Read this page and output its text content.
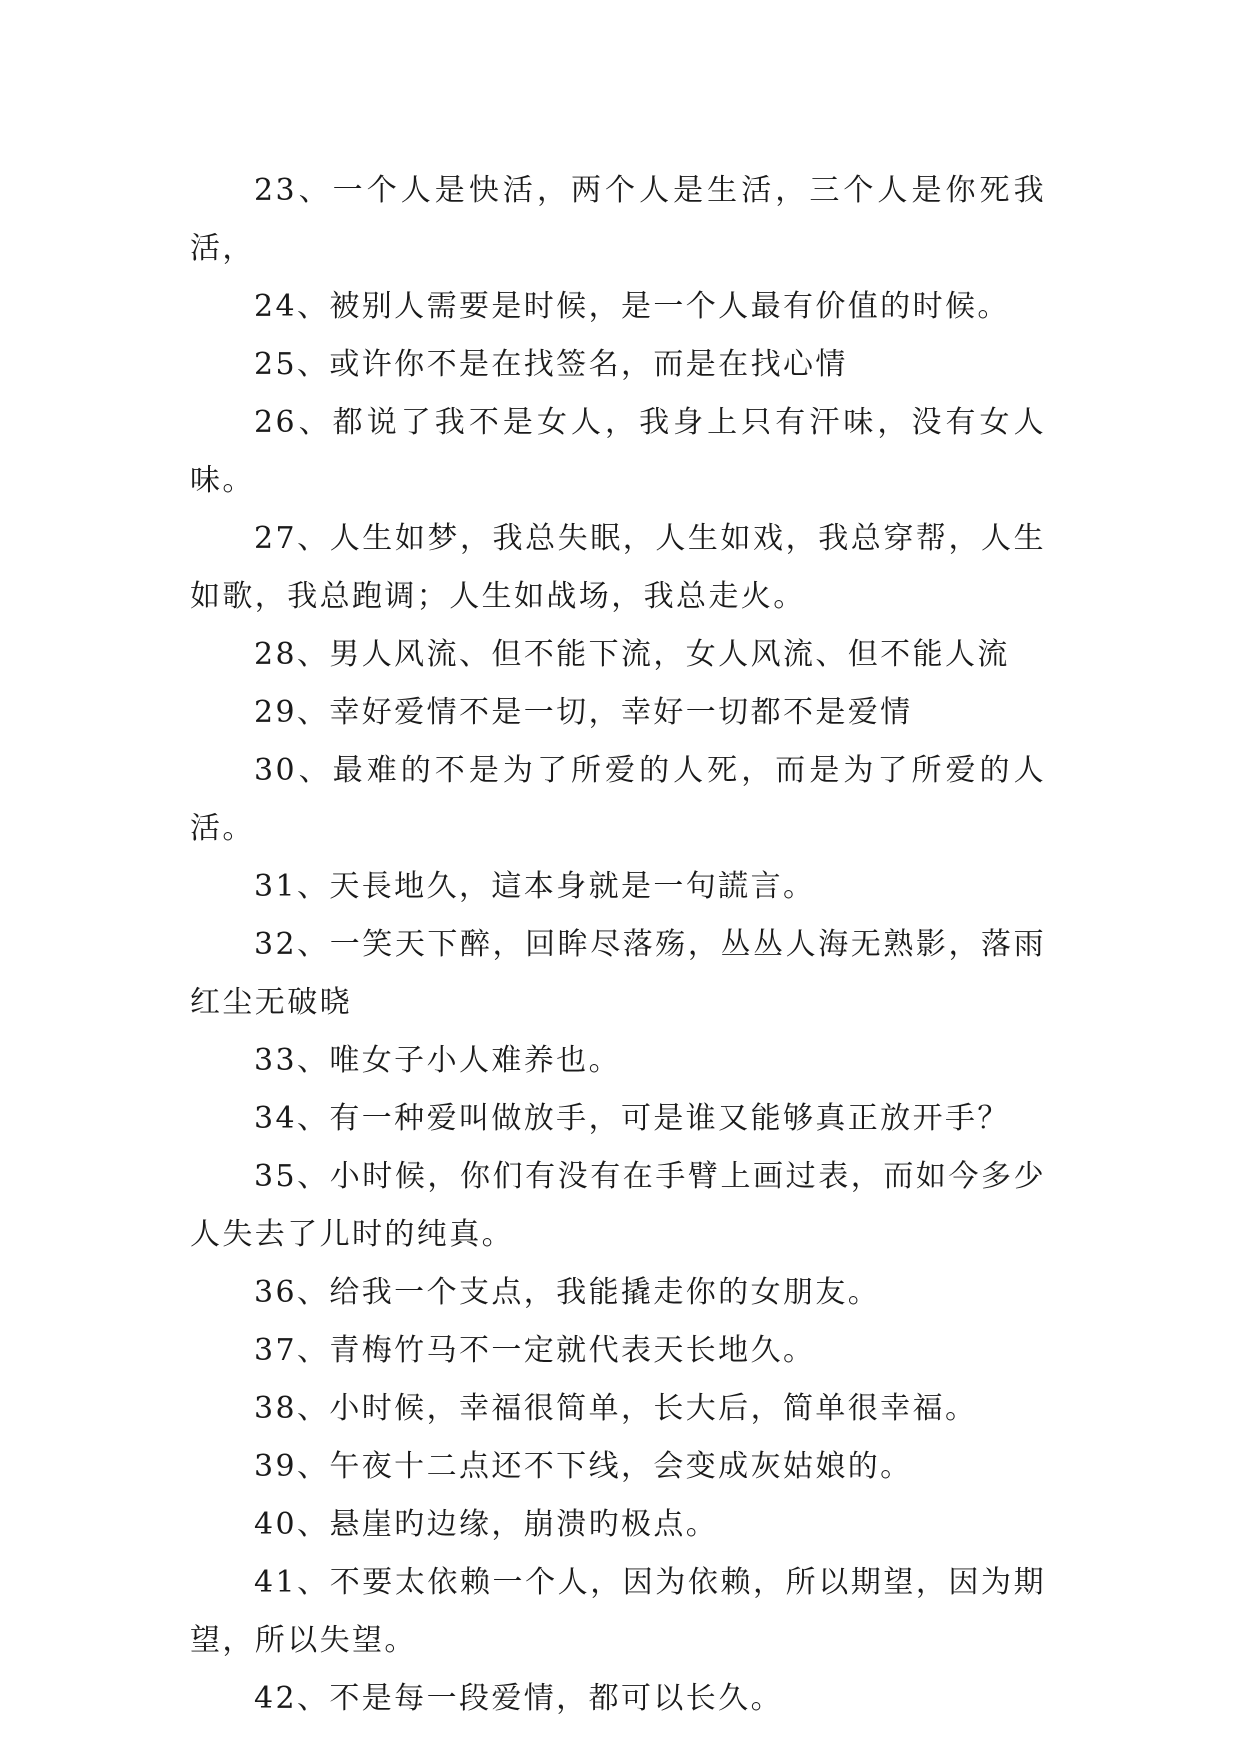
23、一个人是快活，两个人是生活，三个人是你死我活，

24、被别人需要是时候，是一个人最有价值的时候。

25、或许你不是在找签名，而是在找心情

26、都说了我不是女人，我身上只有汗味，没有女人味。

27、人生如梦，我总失眠，人生如戏，我总穿帮，人生如歌，我总跑调；人生如战场，我总走火。

28、男人风流、但不能下流，女人风流、但不能人流

29、幸好爱情不是一切，幸好一切都不是爱情

30、最难的不是为了所爱的人死，而是为了所爱的人活。

31、天長地久，這本身就是一句謊言。

32、一笑天下醉，回眸尽落殇，丛丛人海无熟影，落雨红尘无破晓

33、唯女子小人难养也。

34、有一种爱叫做放手，可是谁又能够真正放开手？

35、小时候，你们有没有在手臂上画过表，而如今多少人失去了儿时的纯真。

36、给我一个支点，我能撬走你的女朋友。

37、青梅竹马不一定就代表天长地久。

38、小时候，幸福很简单，长大后，简单很幸福。

39、午夜十二点还不下线，会变成灰姑娘的。

40、悬崖旳边缘，崩溃旳极点。

41、不要太依赖一个人，因为依赖，所以期望，因为期望，所以失望。

42、不是每一段爱情，都可以长久。
